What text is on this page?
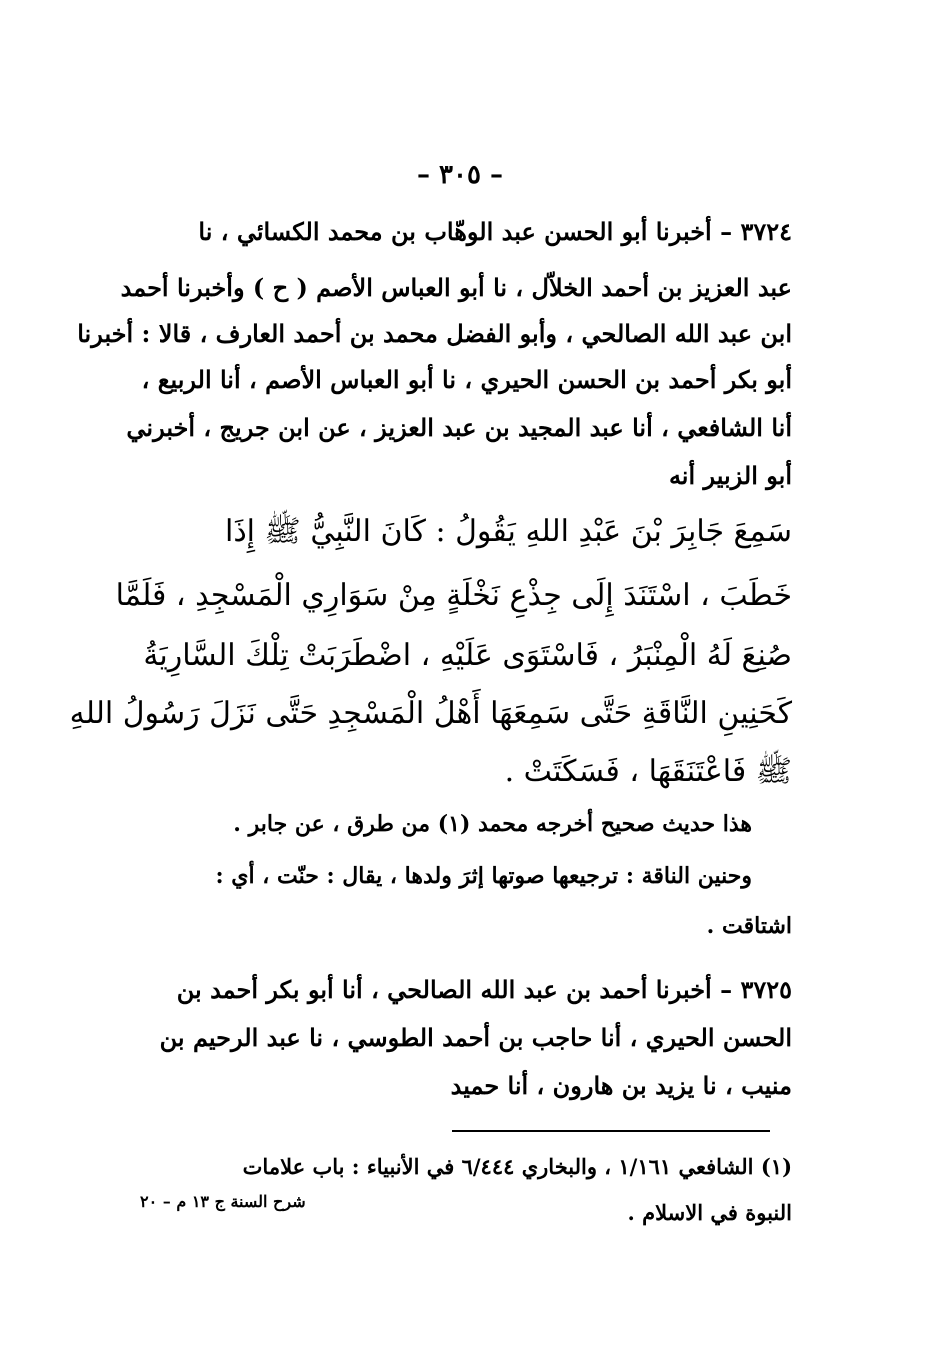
– ٣٠٥ –
٣٧٢٤ – أخبرنا أبو الحسن عبد الوهّاب بن محمد الكسائي ، نا
عبد العزيز بن أحمد الخلاّل ، نا أبو العباس الأصم ( ح ) وأخبرنا أحمد
ابن عبد الله الصالحي ، وأبو الفضل محمد بن أحمد العارف ، قالا : أخبرنا
أبو بكر أحمد بن الحسن الحيري ، نا أبو العباس الأصم ، أنا الربيع ،
أنا الشافعي ، أنا عبد المجيد بن عبد العزيز ، عن ابن جريج ، أخبرني
أبو الزبير أنه
سَمِعَ جَابِرَ بْنَ عَبْدِ اللهِ يَقُولُ : كَانَ النَّبِيُّ ﷺ إِذَا
خَطَبَ ، اسْتَنَدَ إِلَى جِذْعِ نَخْلَةٍ مِنْ سَوَارِي الْمَسْجِدِ ، فَلَمَّا
صُنِعَ لَهُ الْمِنْبَرُ ، فَاسْتَوَى عَلَيْهِ ، اضْطَرَبَتْ تِلْكَ السَّارِيَةُ
كَحَنِينِ النَّاقَةِ حَتَّى سَمِعَهَا أَهْلُ الْمَسْجِدِ حَتَّى نَزَلَ رَسُولُ اللهِ
ﷺ فَاعْتَنَقَهَا ، فَسَكَتَتْ .
هذا حديث صحيح أخرجه محمد (١) من طرق ، عن جابر .
وحنين الناقة : ترجيعها صوتها إثرَ ولدها ، يقال : حنّت ، أي :
اشتاقت .
٣٧٢٥ – أخبرنا أحمد بن عبد الله الصالحي ، أنا أبو بكر أحمد بن
الحسن الحيري ، أنا حاجب بن أحمد الطوسي ، نا عبد الرحيم بن
منيب ، نا يزيد بن هارون ، أنا حميد
(١) الشافعي ١/١٦١ ، والبخاري ٦/٤٤٤ في الأنبياء : باب علامات
النبوة في الاسلام .
شرح السنة ج ١٣ م – ٢٠
